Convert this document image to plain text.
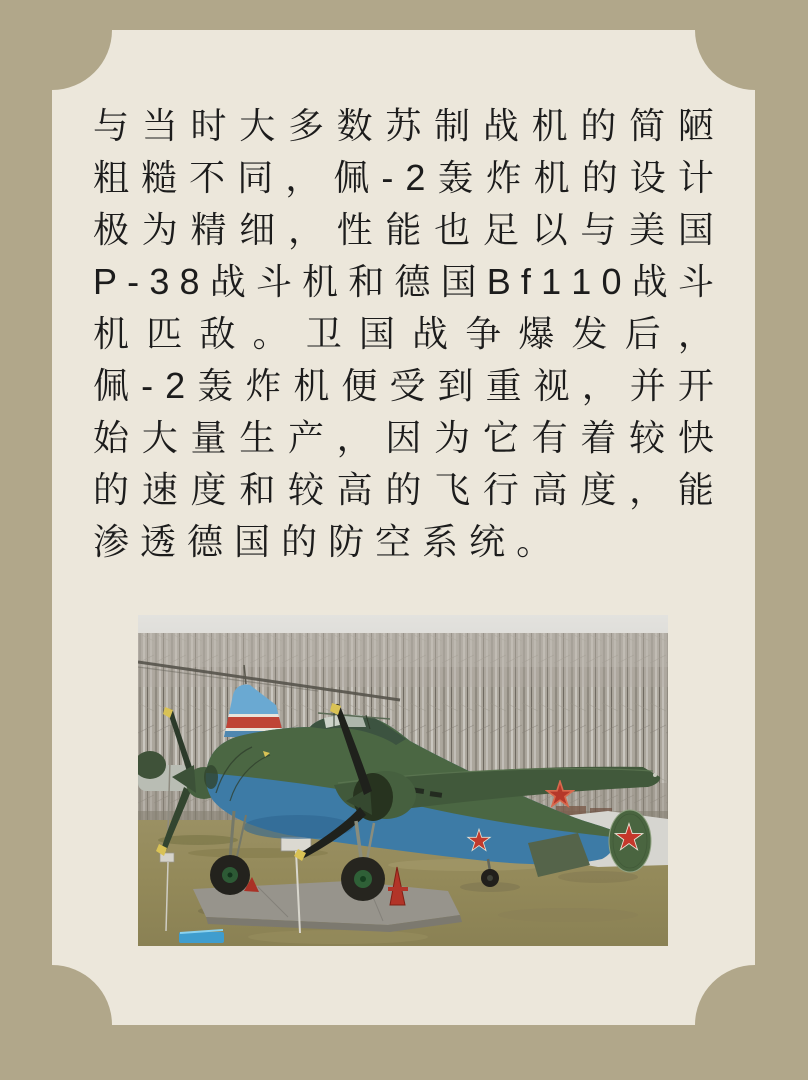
与 当 时 大 多 数 苏 制 战 机 的 简 陋
粗 糙 不 同 ， 佩 - 2 轰 炸 机 的 设 计
极 为 精 细 ， 性 能 也 足 以 与 美 国
P - 3 8 战 斗 机 和 德 国 B f 1 1 0 战 斗
机 匹 敌 。 卫 国 战 争 爆 发 后 ，
佩 - 2 轰 炸 机 便 受 到 重 视 ， 并 开
始 大 量 生 产 ， 因 为 它 有 着 较 快
的 速 度 和 较 高 的 飞 行 高 度 ， 能
渗 透 德 国 的 防 空 系 统 。
